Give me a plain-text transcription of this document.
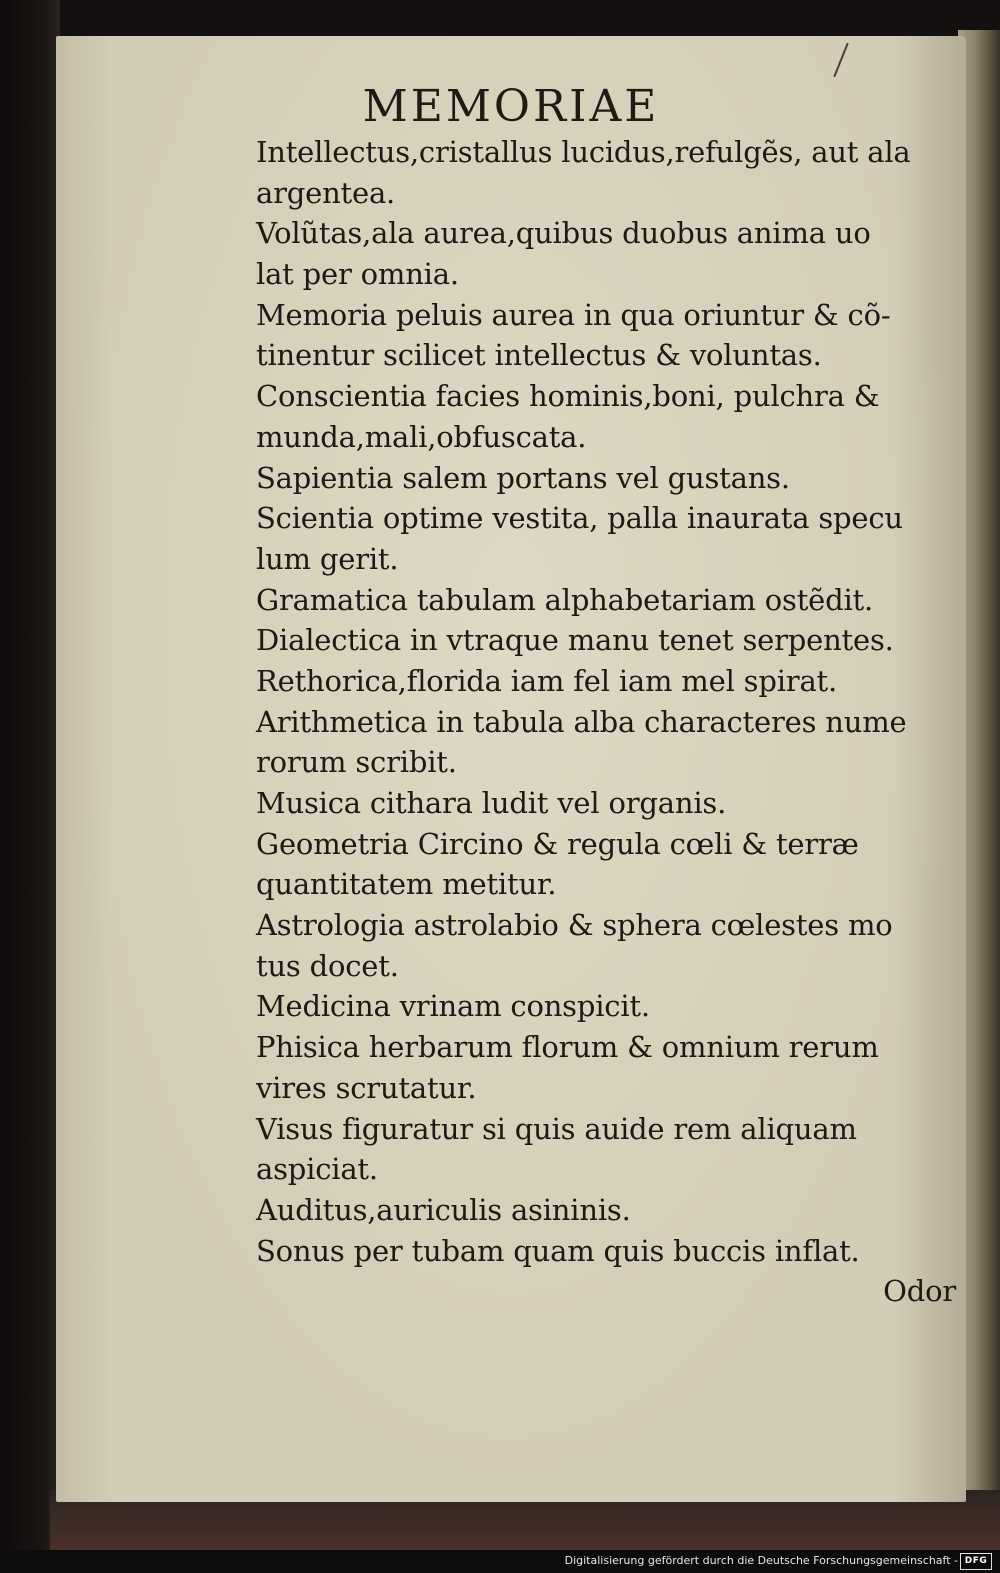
MEMORIAE
Intellectus,cristallus lucidus,refulgẽs, aut ala
argentea.
Volũtas,ala aurea,quibus duobus anima uo
lat per omnia.
Memoria peluis aurea in qua oriuntur & cõ-
tinentur scilicet intellectus & voluntas.
Conscientia facies hominis,boni, pulchra &
munda,mali,obfuscata.
Sapientia salem portans vel gustans.
Scientia optime vestita, palla inaurata specu
lum gerit.
Gramatica tabulam alphabetariam ostẽdit.
Dialectica in vtraque manu tenet serpentes.
Rethorica,florida iam fel iam mel spirat.
Arithmetica in tabula alba characteres nume
rorum scribit.
Musica cithara ludit vel organis.
Geometria Circino & regula cœli & terræ
quantitatem metitur.
Astrologia astrolabio & sphera cœlestes mo
tus docet.
Medicina vrinam conspicit.
Phisica herbarum florum & omnium rerum
vires scrutatur.
Visus figuratur si quis auide rem aliquam
aspiciat.
Auditus,auriculis asininis.
Sonus per tubam quam quis buccis inflat.
Odor
Digitalisierung gefördert durch die Deutsche Forschungsgemeinschaft - DFG
